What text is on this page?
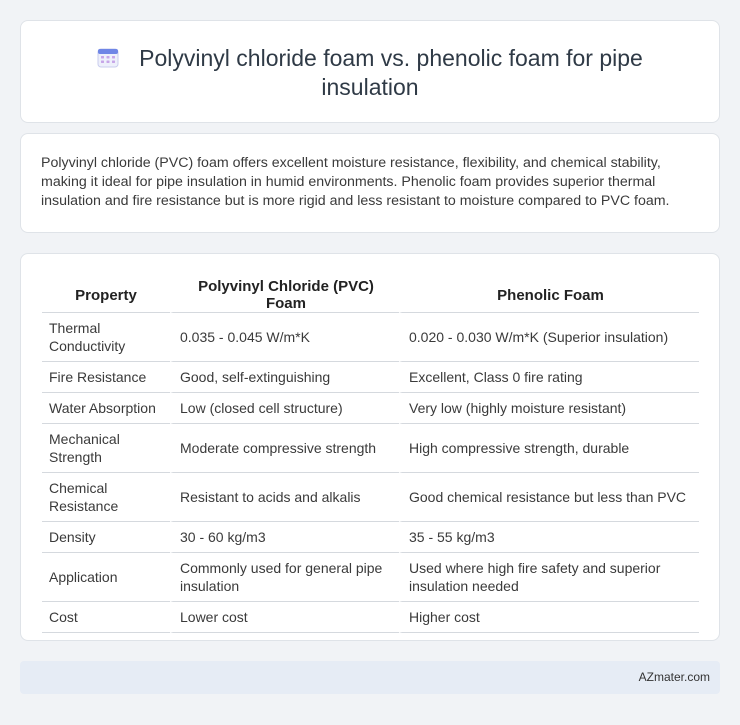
Polyvinyl chloride foam vs. phenolic foam for pipe insulation

Polyvinyl chloride (PVC) foam offers excellent moisture resistance, flexibility, and chemical stability, making it ideal for pipe insulation in humid environments. Phenolic foam provides superior thermal insulation and fire resistance but is more rigid and less resistant to moisture compared to PVC foam.

Property	Polyvinyl Chloride (PVC) Foam	Phenolic Foam
Thermal Conductivity	0.035 - 0.045 W/m*K	0.020 - 0.030 W/m*K (Superior insulation)
Fire Resistance	Good, self-extinguishing	Excellent, Class 0 fire rating
Water Absorption	Low (closed cell structure)	Very low (highly moisture resistant)
Mechanical Strength	Moderate compressive strength	High compressive strength, durable
Chemical Resistance	Resistant to acids and alkalis	Good chemical resistance but less than PVC
Density	30 - 60 kg/m3	35 - 55 kg/m3
Application	Commonly used for general pipe insulation	Used where high fire safety and superior insulation needed
Cost	Lower cost	Higher cost
AZmater.com
